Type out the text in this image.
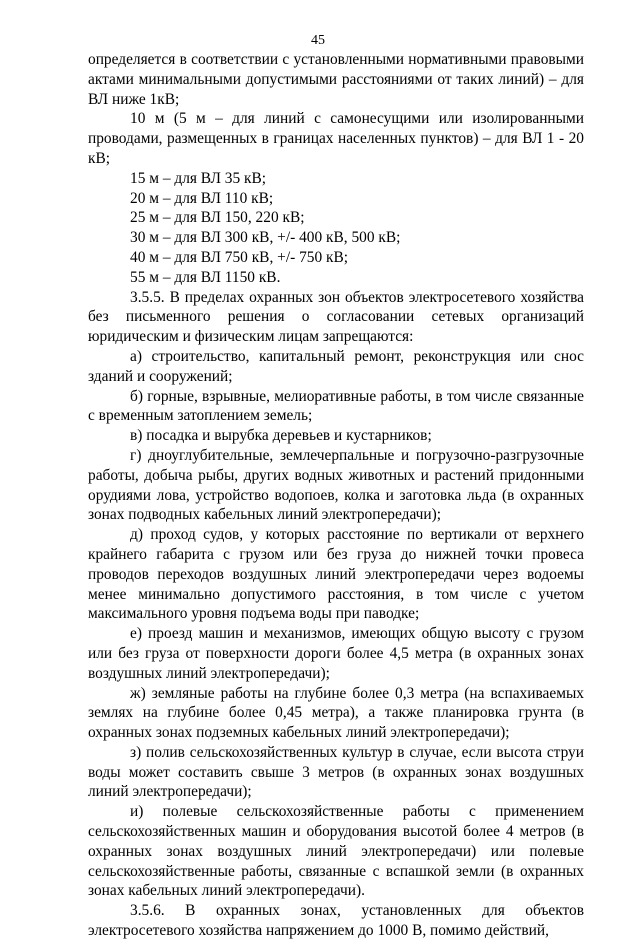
45

определяется в соответствии с установленными нормативными правовыми актами минимальными допустимыми расстояниями от таких линий) – для ВЛ ниже 1кВ;

10 м (5 м – для линий с самонесущими или изолированными проводами, размещенных в границах населенных пунктов) – для ВЛ 1 - 20 кВ;

15 м – для ВЛ 35 кВ;

20 м – для ВЛ 110 кВ;

25 м – для ВЛ 150, 220 кВ;

30 м – для ВЛ 300 кВ, +/- 400 кВ, 500 кВ;

40 м – для ВЛ 750 кВ, +/- 750 кВ;

55 м – для ВЛ 1150 кВ.

3.5.5. В пределах охранных зон объектов электросетевого хозяйства без письменного решения о согласовании сетевых организаций юридическим и физическим лицам запрещаются:

а) строительство, капитальный ремонт, реконструкция или снос зданий и сооружений;

б) горные, взрывные, мелиоративные работы, в том числе связанные с временным затоплением земель;

в) посадка и вырубка деревьев и кустарников;

г) дноуглубительные, землечерпальные и погрузочно-разгрузочные работы, добыча рыбы, других водных животных и растений придонными орудиями лова, устройство водопоев, колка и заготовка льда (в охранных зонах подводных кабельных линий электропередачи);

д) проход судов, у которых расстояние по вертикали от верхнего крайнего габарита с грузом или без груза до нижней точки провеса проводов переходов воздушных линий электропередачи через водоемы менее минимально допустимого расстояния, в том числе с учетом максимального уровня подъема воды при паводке;

е) проезд машин и механизмов, имеющих общую высоту с грузом или без груза от поверхности дороги более 4,5 метра (в охранных зонах воздушных линий электропередачи);

ж) земляные работы на глубине более 0,3 метра (на вспахиваемых землях на глубине более 0,45 метра), а также планировка грунта (в охранных зонах подземных кабельных линий электропередачи);

з) полив сельскохозяйственных культур в случае, если высота струи воды может составить свыше 3 метров (в охранных зонах воздушных линий электропередачи);

и) полевые сельскохозяйственные работы с применением сельскохозяйственных машин и оборудования высотой более 4 метров (в охранных зонах воздушных линий электропередачи) или полевые сельскохозяйственные работы, связанные с вспашкой земли (в охранных зонах кабельных линий электропередачи).

3.5.6. В охранных зонах, установленных для объектов электросетевого хозяйства напряжением до 1000 В, помимо действий,
